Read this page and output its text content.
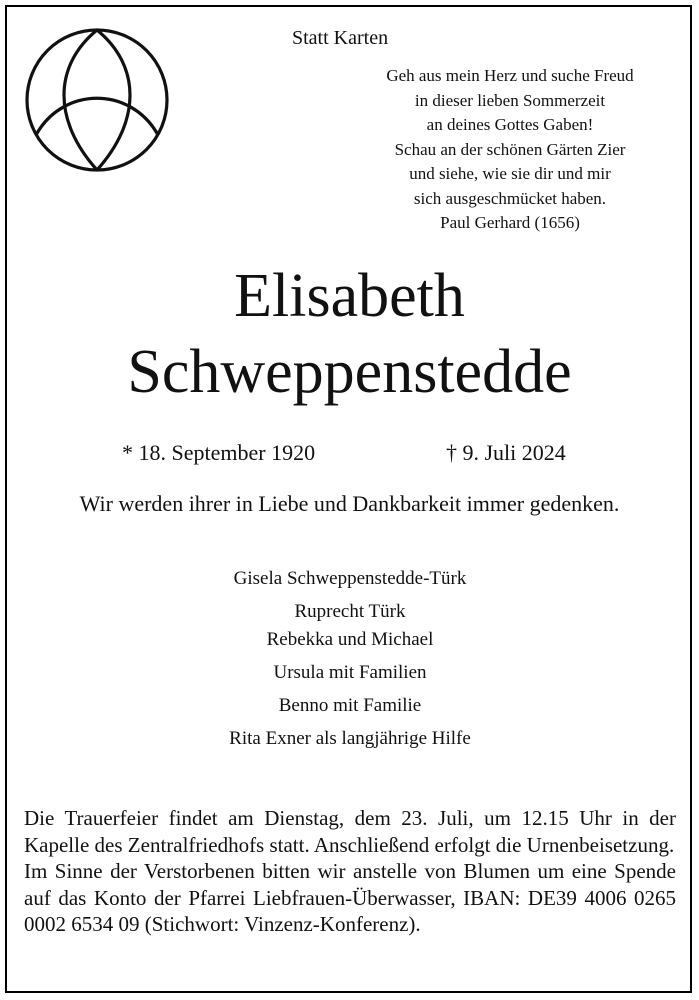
Statt Karten
Geh aus mein Herz und suche Freud
in dieser lieben Sommerzeit
an deines Gottes Gaben!
Schau an der schönen Gärten Zier
und siehe, wie sie dir und mir
sich ausgeschmücket haben.
Paul Gerhard (1656)
Elisabeth
Schweppenstedde
* 18. September 1920	† 9. Juli 2024
Wir werden ihrer in Liebe und Dankbarkeit immer gedenken.
Gisela Schweppenstedde-Türk
Ruprecht Türk
Rebekka und Michael
Ursula mit Familien
Benno mit Familie
Rita Exner als langjährige Hilfe

Die Trauerfeier findet am Dienstag, dem 23. Juli, um 12.15 Uhr in der Kapelle des Zentralfriedhofs statt. Anschließend erfolgt die Urnenbeisetzung.

Im Sinne der Verstorbenen bitten wir anstelle von Blumen um eine Spende auf das Konto der Pfarrei Liebfrauen-Überwasser, IBAN: DE39 4006 0265 0002 6534 09 (Stichwort: Vinzenz-Konferenz).
